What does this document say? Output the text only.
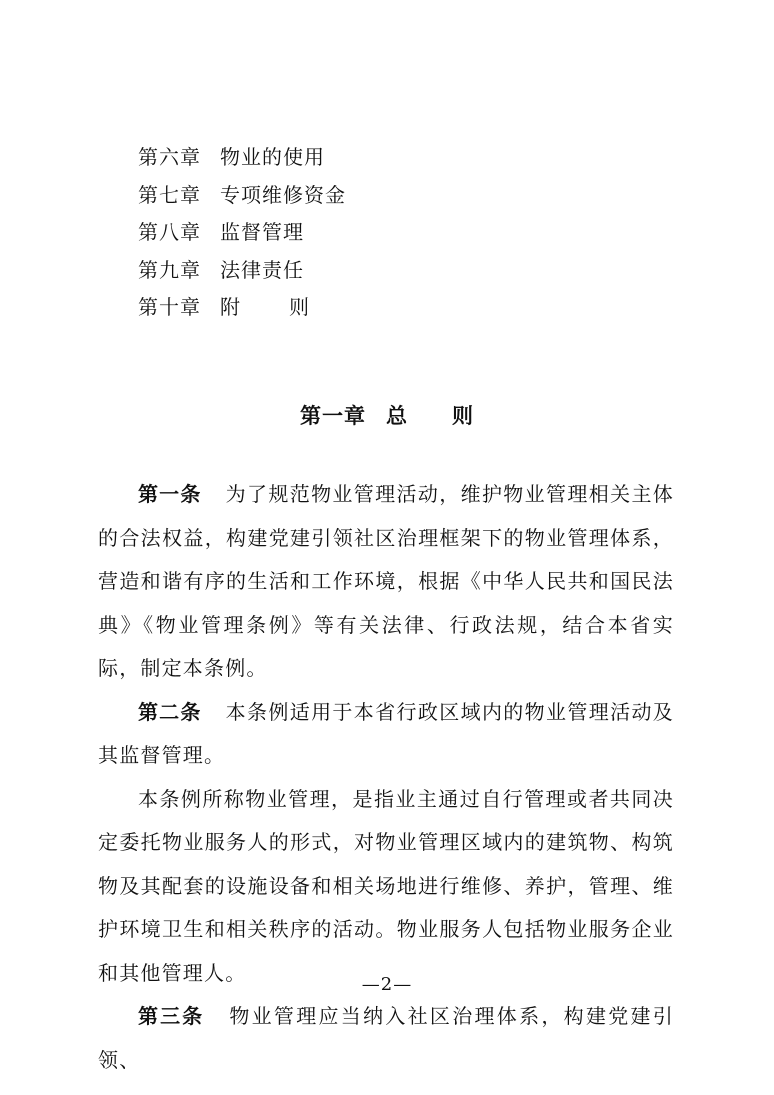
第六章 物业的使用
第七章 专项维修资金
第八章 监督管理
第九章 法律责任
第十章 附 则
第一章 总 则

第一条 为了规范物业管理活动，维护物业管理相关主体的合法权益，构建党建引领社区治理框架下的物业管理体系，营造和谐有序的生活和工作环境，根据《中华人民共和国民法典》《物业管理条例》等有关法律、行政法规，结合本省实际，制定本条例。

第二条 本条例适用于本省行政区域内的物业管理活动及其监督管理。

本条例所称物业管理，是指业主通过自行管理或者共同决定委托物业服务人的形式，对物业管理区域内的建筑物、构筑物及其配套的设施设备和相关场地进行维修、养护，管理、维护环境卫生和相关秩序的活动。物业服务人包括物业服务企业和其他管理人。

第三条 物业管理应当纳入社区治理体系，构建党建引领、

—2—
